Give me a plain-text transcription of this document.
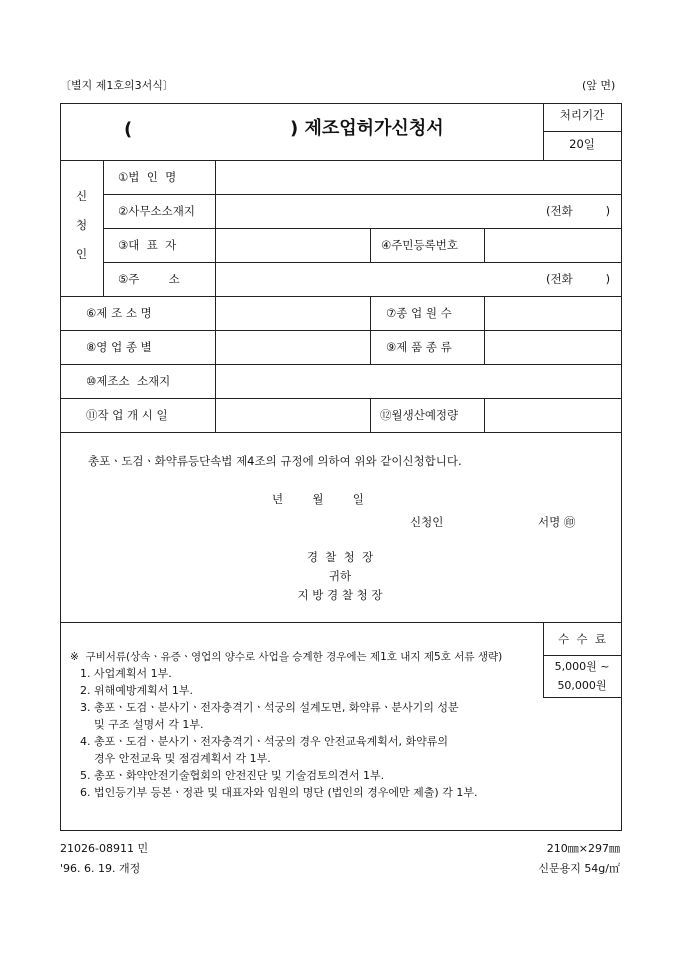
〔별지 제1호의3서식〕	(앞 면)
(	) 제조업허가신청서
처리기간
20일
신
청
인
①법  인  명
②사무소소재지	(전화         )
③대  표  자	④주민등록번호
⑤주        소	(전화         )
⑥제 조 소 명	⑦종 업 원 수
⑧영 업 종 별	⑨제 품 종 류
⑩제조소  소재지
⑪작 업 개 시 일	⑫월생산예정량
총포ㆍ도검ㆍ화약류등단속법 제4조의 규정에 의하여 위와 같이신청합니다.
년        월        일
신청인	서명 ㊞
경  찰  청  장
귀하
지 방 경 찰 청 장
수  수  료
5,000원 ~
50,000원
※  구비서류(상속ㆍ유증ㆍ영업의 양수로 사업을 승계한 경우에는 제1호 내지 제5호 서류 생략)
1. 사업계획서 1부.
2. 위해예방계획서 1부.
3. 총포ㆍ도검ㆍ분사기ㆍ전자충격기ㆍ석궁의 설계도면, 화약류ㆍ분사기의 성분
및 구조 설명서 각 1부.
4. 총포ㆍ도검ㆍ분사기ㆍ전자충격기ㆍ석궁의 경우 안전교육계획서, 화약류의
경우 안전교육 및 점검계획서 각 1부.
5. 총포ㆍ화약안전기술협회의 안전진단 및 기술검토의견서 1부.
6. 법인등기부 등본ㆍ정관 및 대표자와 임원의 명단 (법인의 경우에만 제출) 각 1부.
21026-08911 민
'96. 6. 19. 개정
210㎜×297㎜
신문용지 54g/㎡
